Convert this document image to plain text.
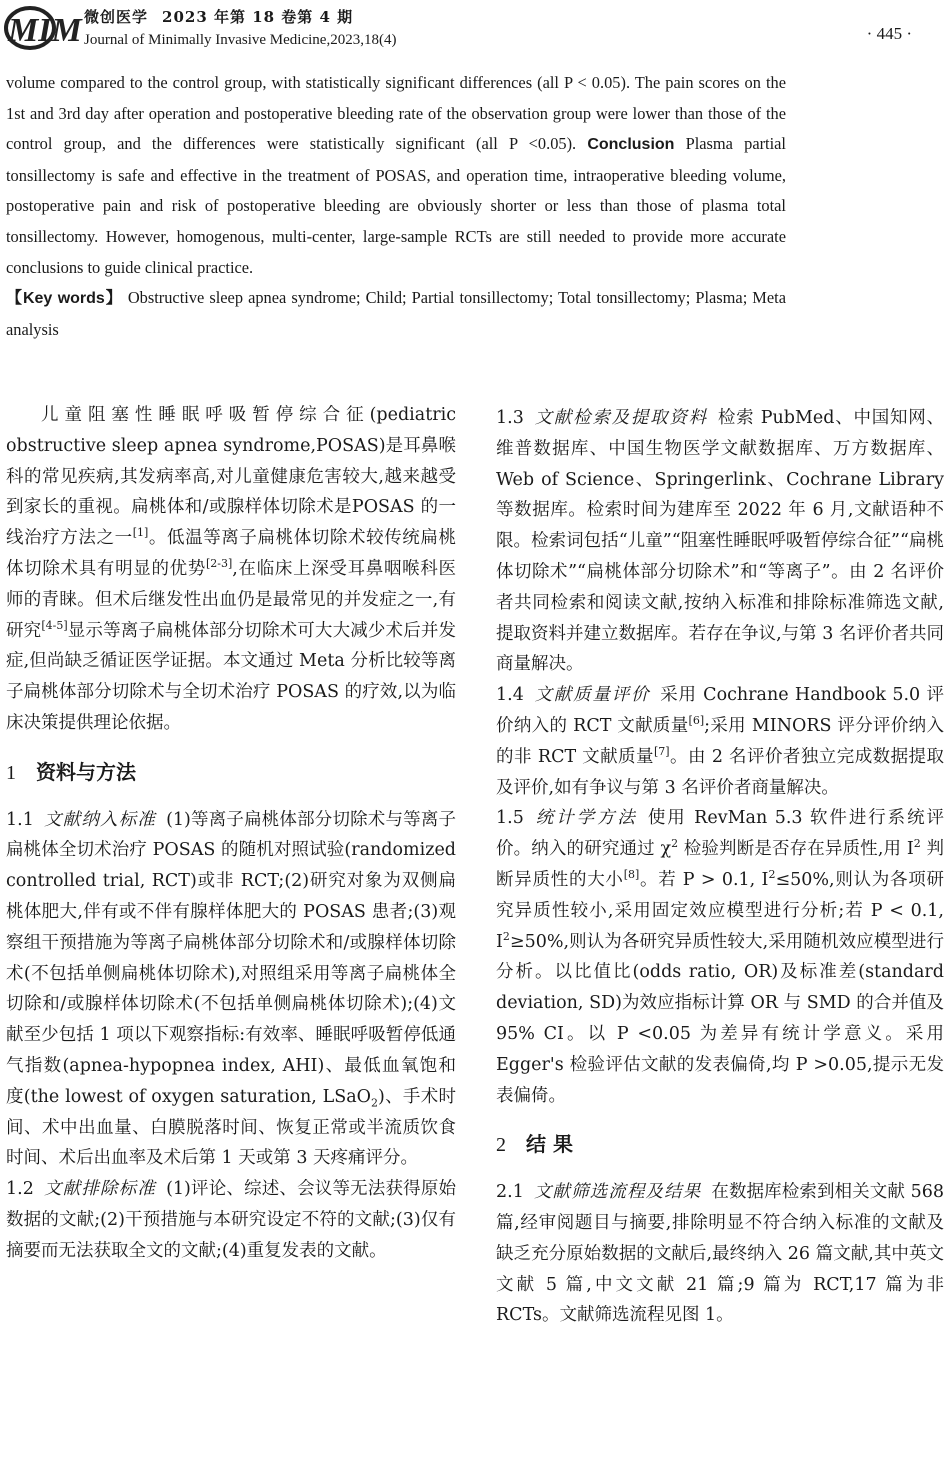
MIM 微创医学 2023 年第 18 卷第 4 期
Journal of Minimally Invasive Medicine,2023,18(4)	· 445 ·

volume compared to the control group, with statistically significant differences (all P < 0.05). The pain scores on the 1st and 3rd day after operation and postoperative bleeding rate of the observation group were lower than those of the control group, and the differences were statistically significant (all P <0.05). Conclusion Plasma partial tonsillectomy is safe and effective in the treatment of POSAS, and operation time, intraoperative bleeding volume, postoperative pain and risk of postoperative bleeding are obviously shorter or less than those of plasma total tonsillectomy. However, homogenous, multi-center, large-sample RCTs are still needed to provide more accurate conclusions to guide clinical practice.

【Key words】 Obstructive sleep apnea syndrome; Child; Partial tonsillectomy; Total tonsillectomy; Plasma; Meta analysis

儿童阻塞性睡眠呼吸暂停综合征(pediatric obstructive sleep apnea syndrome,POSAS)是耳鼻喉科的常见疾病,其发病率高,对儿童健康危害较大,越来越受到家长的重视。扁桃体和/或腺样体切除术是POSAS 的一线治疗方法之一[1]。低温等离子扁桃体切除术较传统扁桃体切除术具有明显的优势[2-3],在临床上深受耳鼻咽喉科医师的青睐。但术后继发性出血仍是最常见的并发症之一,有研究[4-5]显示等离子扁桃体部分切除术可大大减少术后并发症,但尚缺乏循证医学证据。本文通过 Meta 分析比较等离子扁桃体部分切除术与全切术治疗 POSAS 的疗效,以为临床决策提供理论依据。

1 资料与方法

1.1 文献纳入标准 (1)等离子扁桃体部分切除术与等离子扁桃体全切术治疗 POSAS 的随机对照试验(randomized controlled trial, RCT)或非 RCT;(2)研究对象为双侧扁桃体肥大,伴有或不伴有腺样体肥大的 POSAS 患者;(3)观察组干预措施为等离子扁桃体部分切除术和/或腺样体切除术(不包括单侧扁桃体切除术),对照组采用等离子扁桃体全切除和/或腺样体切除术(不包括单侧扁桃体切除术);(4)文献至少包括 1 项以下观察指标:有效率、睡眠呼吸暂停低通气指数(apnea-hypopnea index, AHI)、最低血氧饱和度(the lowest of oxygen saturation, LSaO$_2$)、手术时间、术中出血量、白膜脱落时间、恢复正常或半流质饮食时间、术后出血率及术后第 1 天或第 3 天疼痛评分。

1.2 文献排除标准 (1)评论、综述、会议等无法获得原始数据的文献;(2)干预措施与本研究设定不符的文献;(3)仅有摘要而无法获取全文的文献;(4)重复发表的文献。

1.3 文献检索及提取资料 检索 PubMed、中国知网、维普数据库、中国生物医学文献数据库、万方数据库、Web of Science、Springerlink、Cochrane Library 等数据库。检索时间为建库至 2022 年 6 月,文献语种不限。检索词包括“儿童”“阻塞性睡眠呼吸暂停综合征”“扁桃体切除术”“扁桃体部分切除术”和“等离子”。由 2 名评价者共同检索和阅读文献,按纳入标准和排除标准筛选文献,提取资料并建立数据库。若存在争议,与第 3 名评价者共同商量解决。

1.4 文献质量评价 采用 Cochrane Handbook 5.0 评价纳入的 RCT 文献质量[6];采用 MINORS 评分评价纳入的非 RCT 文献质量[7]。由 2 名评价者独立完成数据提取及评价,如有争议与第 3 名评价者商量解决。

1.5 统计学方法 使用 RevMan 5.3 软件进行系统评价。纳入的研究通过 $\chi^2$ 检验判断是否存在异质性,用 $I^2$ 判断异质性的大小[8]。若 P > 0.1, $I^2\le 50\%$,则认为各项研究异质性较小,采用固定效应模型进行分析;若 P < 0.1, $I^2\ge 50\%$,则认为各研究异质性较大,采用随机效应模型进行分析。以比值比(odds ratio, OR)及标准差(standard deviation, SD)为效应指标计算 OR 与 SMD 的合并值及 95% CI。以 P <0.05 为差异有统计学意义。采用 Egger's 检验评估文献的发表偏倚,均 P >0.05,提示无发表偏倚。

2 结 果

2.1 文献筛选流程及结果 在数据库检索到相关文献 568 篇,经审阅题目与摘要,排除明显不符合纳入标准的文献及缺乏充分原始数据的文献后,最终纳入 26 篇文献,其中英文文献 5 篇,中文文献 21 篇;9 篇为 RCT,17 篇为非 RCTs。文献筛选流程见图 1。
